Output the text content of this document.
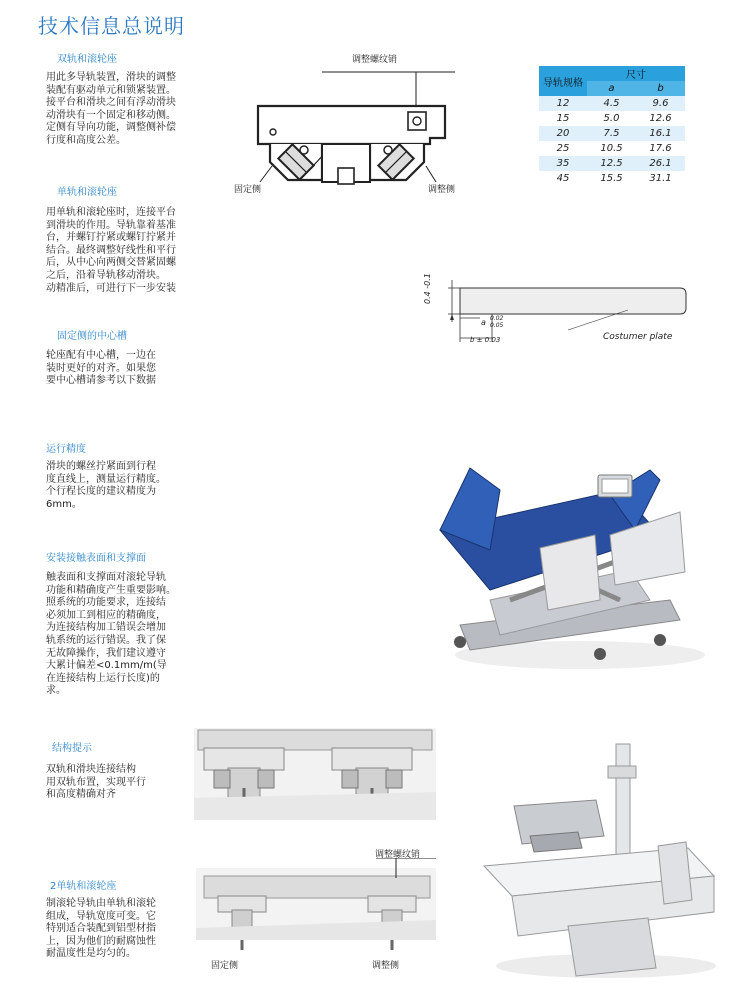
技术信息总说明
双轨和滚轮座
用此多导轨装置，滑块的调整
装配有驱动单元和锁紧装置。
接平台和滑块之间有浮动滑块
动滑块有一个固定和移动侧。
定侧有导向功能，调整侧补偿
行度和高度公差。
单轨和滚轮座
用单轨和滚轮座时，连接平台
到滑块的作用。导轨靠着基准
台，并螺钉拧紧或螺钉拧紧并
结合。最终调整好线性和平行
后，从中心向两侧交替紧固螺
之后，沿着导轨移动滑块。
动精准后，可进行下一步安装
固定侧的中心槽
轮座配有中心槽，一边在
装时更好的对齐。如果您
要中心槽请参考以下数据
运行精度
滑块的螺丝拧紧面到行程
度直线上，测量运行精度。
个行程长度的建议精度为
6mm。
安装接触表面和支撑面
触表面和支撑面对滚轮导轨
功能和精确度产生重要影响。
照系统的功能要求，连接结
必须加工到相应的精确度，
为连接结构加工错误会增加
轨系统的运行错误。我了保
无故障操作，我们建议遵守
大累计偏差<0.1mm/m(导
在连接结构上运行长度)的
求。
结构提示
双轨和滑块连接结构
用双轨布置，实现平行
和高度精确对齐
2单轨和滚轮座
制滚轮导轨由单轨和滚轮
组成，导轨宽度可变。它
特别适合装配到铝型材指
上，因为他们的耐腐蚀性
耐温度性是均匀的。
调整螺纹销
固定侧	调整侧
导轨规格	尺寸	
	a	b
12	4.5	9.6
15	5.0	12.6
20	7.5	16.1
25	10.5	17.6
35	12.5	26.1
45	15.5	31.1
0.4 -0.1
a 0.02
0.05
b ± 0.03	Costumer plate
调整螺纹销
固定侧	调整侧
